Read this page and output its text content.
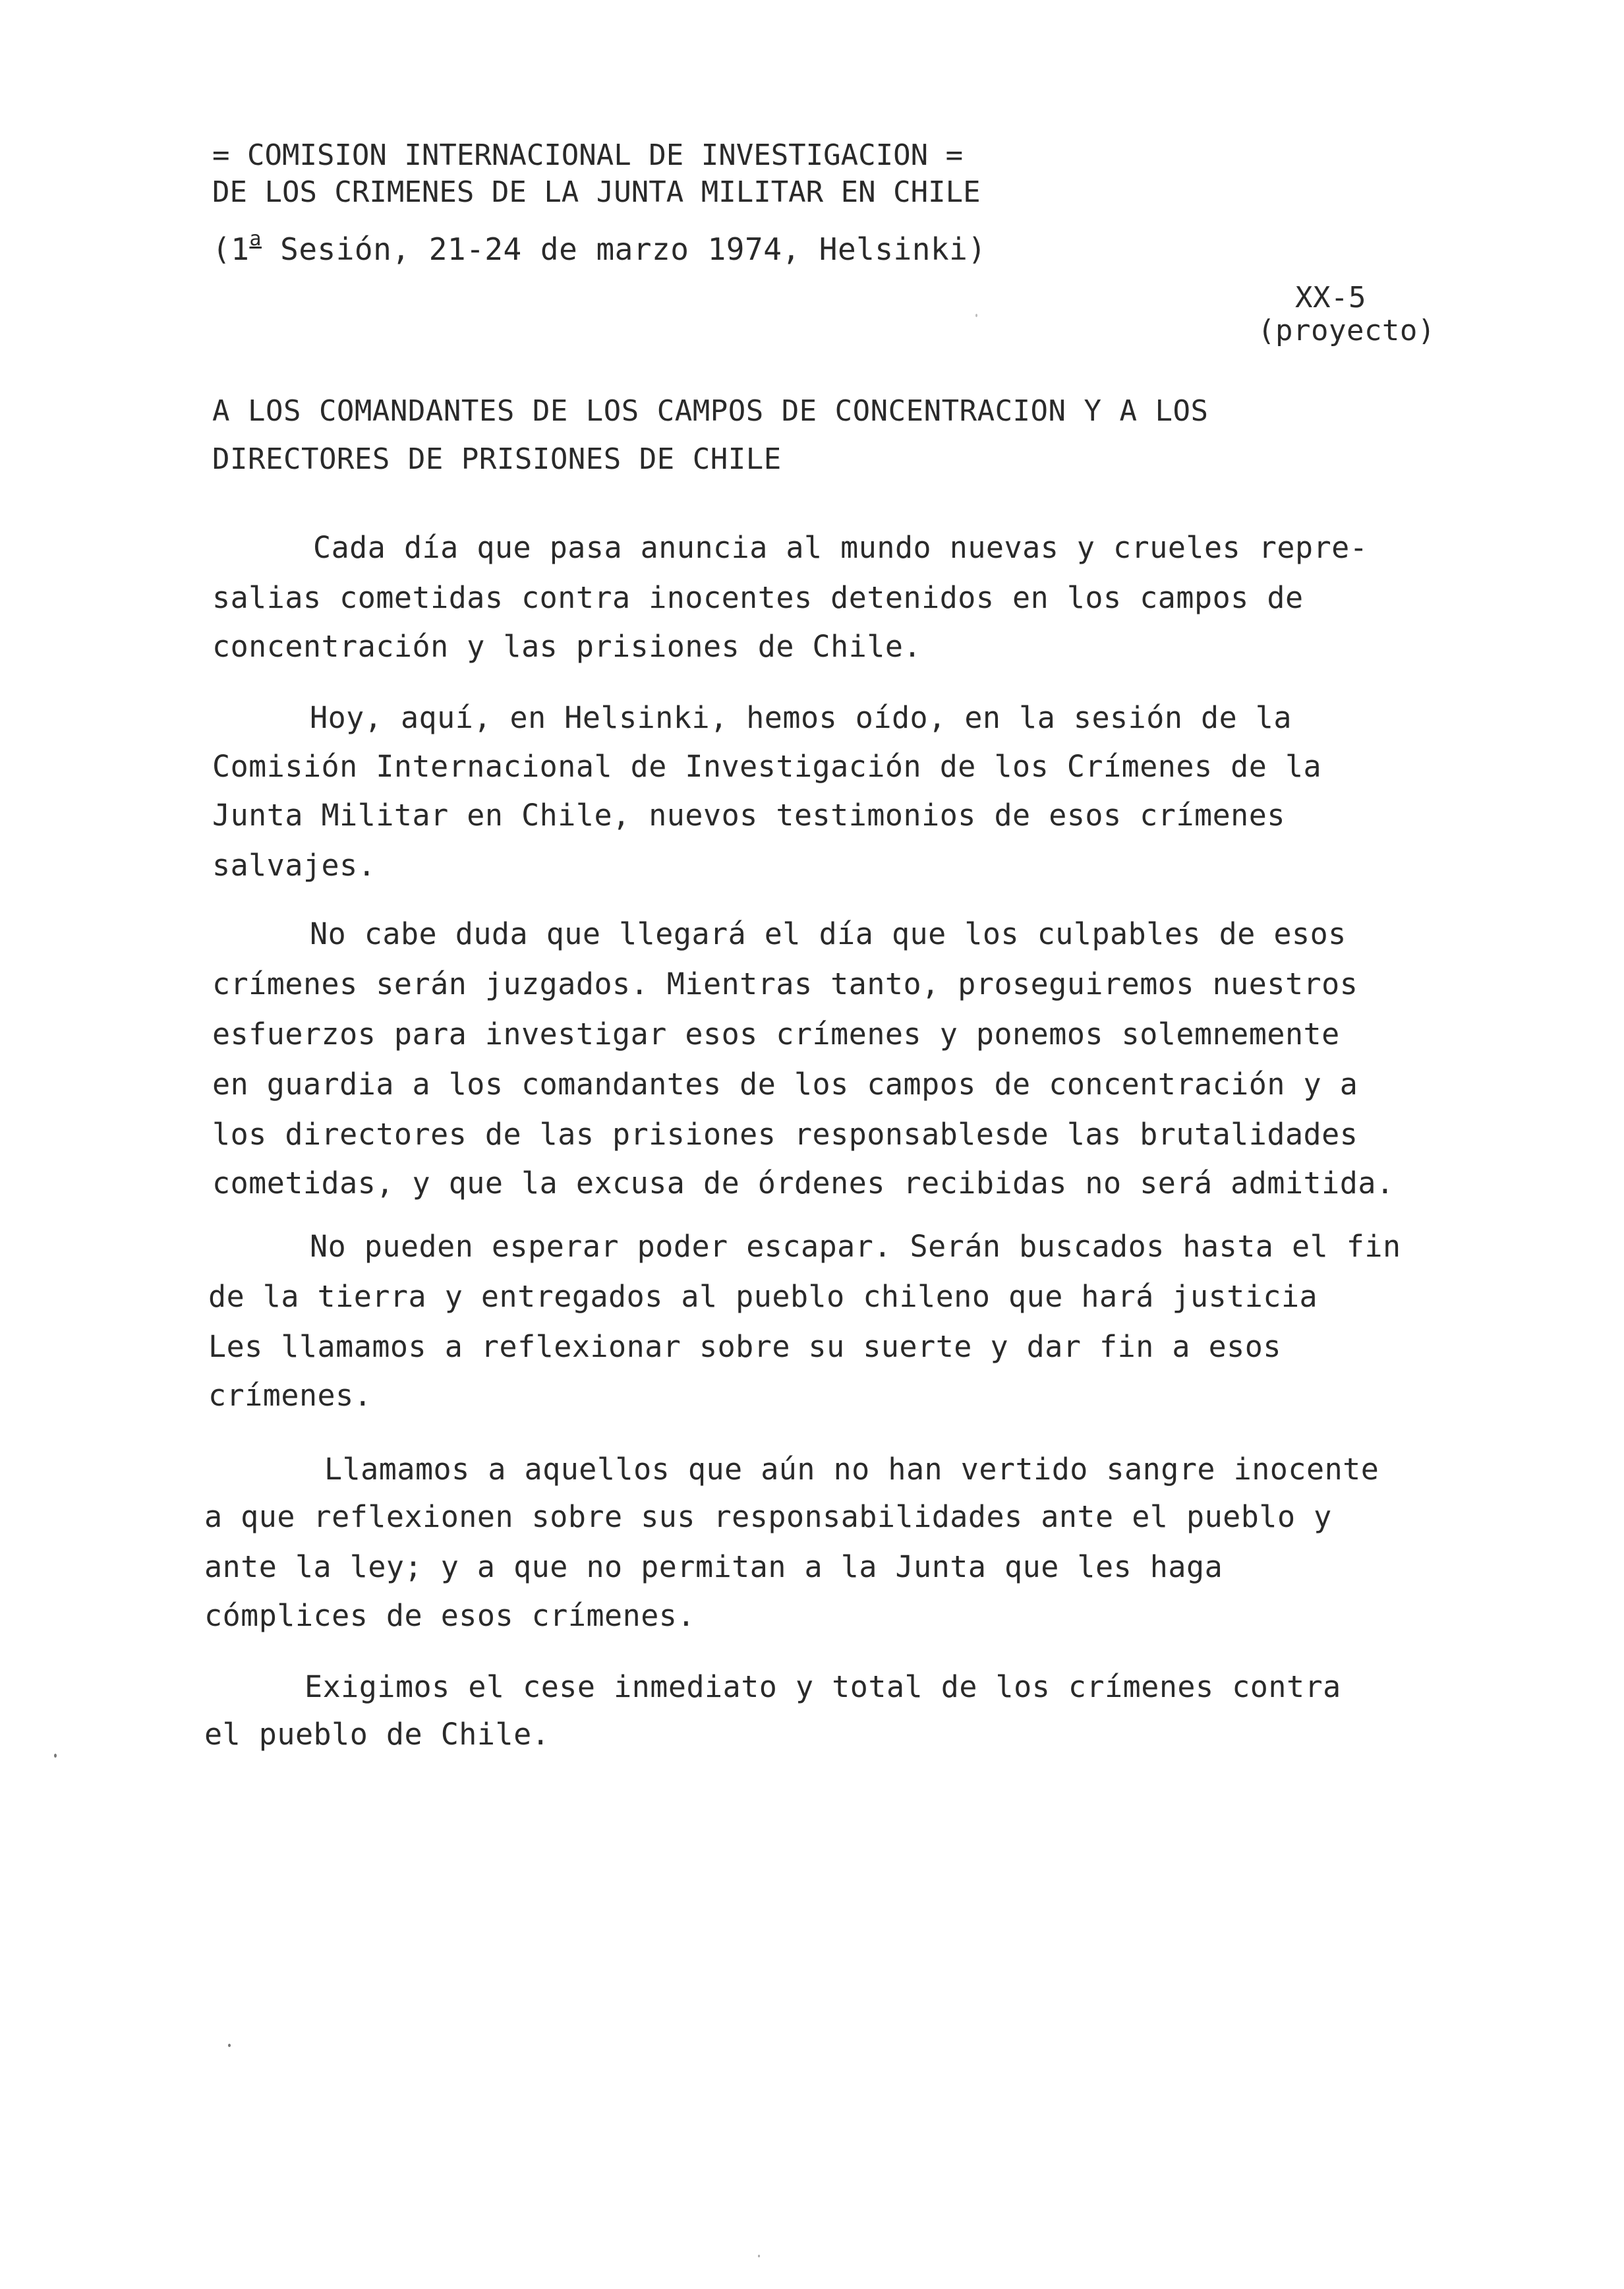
= COMISION INTERNACIONAL DE INVESTIGACION =

DE LOS CRIMENES DE LA JUNTA MILITAR EN CHILE

(1$^a$ Sesión, 21-24 de marzo 1974, Helsinki)

XX-5

(proyecto)

A LOS COMANDANTES DE LOS CAMPOS DE CONCENTRACION Y A LOS

DIRECTORES DE PRISIONES DE CHILE

Cada día que pasa anuncia al mundo nuevas y crueles repre-

salias cometidas contra inocentes detenidos en los campos de

concentración y las prisiones de Chile.

Hoy, aquí, en Helsinki, hemos oído, en la sesión de la

Comisión Internacional de Investigación de los Crímenes de la

Junta Militar en Chile, nuevos testimonios de esos crímenes

salvajes.

No cabe duda que llegará el día que los culpables de esos

crímenes serán juzgados. Mientras tanto, proseguiremos nuestros

esfuerzos para investigar esos crímenes y ponemos solemnemente

en guardia a los comandantes de los campos de concentración y a

los directores de las prisiones responsablesde las brutalidades

cometidas, y que la excusa de órdenes recibidas no será admitida.

No pueden esperar poder escapar. Serán buscados hasta el fin

de la tierra y entregados al pueblo chileno que hará justicia

Les llamamos a reflexionar sobre su suerte y dar fin a esos

crímenes.

Llamamos a aquellos que aún no han vertido sangre inocente

a que reflexionen sobre sus responsabilidades ante el pueblo y

ante la ley; y a que no permitan a la Junta que les haga

cómplices de esos crímenes.

Exigimos el cese inmediato y total de los crímenes contra

el pueblo de Chile.
